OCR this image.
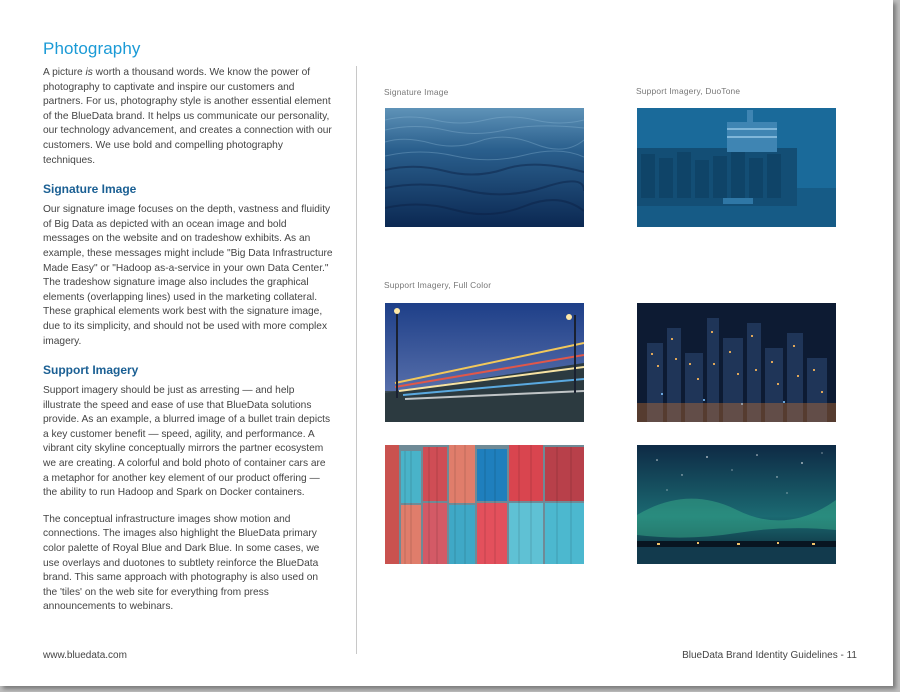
Photography

A picture is worth a thousand words. We know the power of photography to captivate and inspire our customers and partners. For us, photography style is another essential element of the BlueData brand. It helps us communicate our personality, our technology advancement, and creates a connection with our customers. We use bold and compelling photography techniques.

Signature Image

Our signature image focuses on the depth, vastness and fluidity of Big Data as depicted with an ocean image and bold messages on the website and on tradeshow exhibits. As an example, these messages might include "Big Data Infrastructure Made Easy" or "Hadoop as-a-service in your own Data Center." The tradeshow signature image also includes the graphical elements (overlapping lines) used in the marketing collateral. These graphical elements work best with the signature image, due to its simplicity, and should not be used with more complex imagery.

Support Imagery

Support imagery should be just as arresting — and help illustrate the speed and ease of use that BlueData solutions provide. As an example, a blurred image of a bullet train depicts a key customer benefit — speed, agility, and performance. A vibrant city skyline conceptually mirrors the partner ecosystem we are creating. A colorful and bold photo of container cars are a metaphor for another key element of our product offering — the ability to run Hadoop and Spark on Docker containers.

The conceptual infrastructure images show motion and connections. The images also highlight the BlueData primary color palette of Royal Blue and Dark Blue. In some cases, we use overlays and duotones to subtlety reinforce the BlueData brand. This same approach with photography is also used on the 'tiles' on the web site for everything from press announcements to webinars.

Signature Image	Support Imagery, DuoTone
Support Imagery, Full Color
www.bluedata.com	BlueData Brand Identity Guidelines - 11
